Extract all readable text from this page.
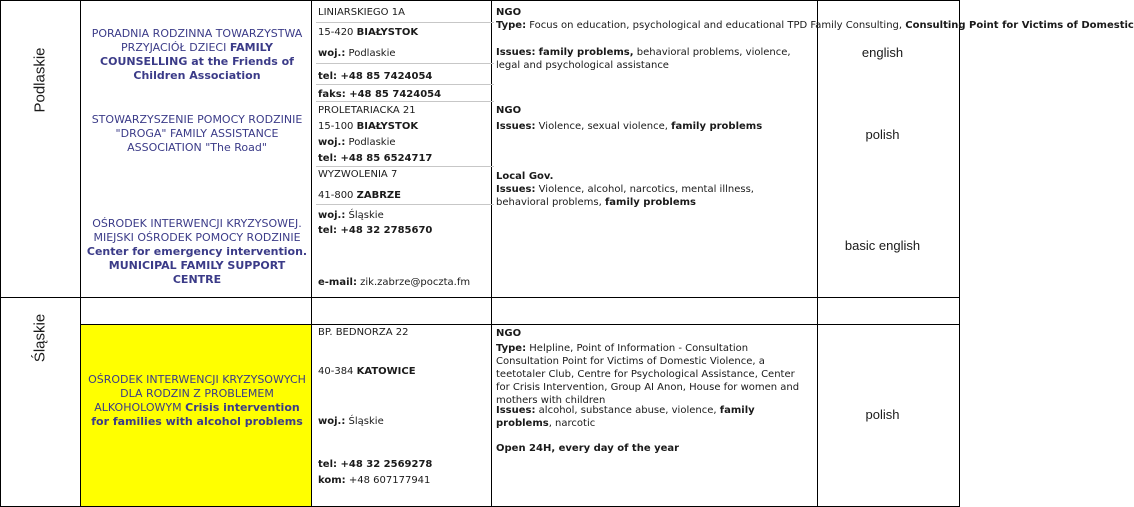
Podlaskie
Śląskie
PORADNIA RODZINNA TOWARZYSTWA PRZYJACIÓŁ DZIECI FAMILY COUNSELLING at the Friends of Children Association
LINIARSKIEGO 1A
15-420 BIAŁYSTOK
woj.: Podlaskie
tel: +48 85 7424054
faks: +48 85 7424054
NGO
Type: Focus on education, psychological and educational TPD Family Consulting, Consulting Point for Victims of Domestic
Issues: family problems, behavioral problems, violence, legal and psychological assistance
english
STOWARZYSZENIE POMOCY RODZINIE "DROGA" FAMILY ASSISTANCE ASSOCIATION "The Road"
PROLETARIACKA 21
15-100 BIAŁYSTOK
woj.: Podlaskie
tel: +48 85 6524717
NGO
Issues: Violence, sexual violence, family problems
polish
OŚRODEK INTERWENCJI KRYZYSOWEJ. MIEJSKI OŚRODEK POMOCY RODZINIE Center for emergency intervention. MUNICIPAL FAMILY SUPPORT CENTRE
WYZWOLENIA 7
41-800 ZABRZE
woj.: Śląskie
tel: +48 32 2785670
e-mail: zik.zabrze@poczta.fm
Local Gov.
Issues: Violence, alcohol, narcotics, mental illness, behavioral problems, family problems
basic english
OŚRODEK INTERWENCJI KRYZYSOWYCH DLA RODZIN Z PROBLEMEM ALKOHOLOWYM Crisis intervention for families with alcohol problems
BP. BEDNORZA 22
40-384 KATOWICE
woj.: Śląskie
tel: +48 32 2569278
kom: +48 607177941
NGO
Type: Helpline, Point of Information - Consultation Consultation Point for Victims of Domestic Violence, a teetotaler Club, Centre for Psychological Assistance, Center for Crisis Intervention, Group AI Anon, House for women and mothers with children
Issues: alcohol, substance abuse, violence, family problems, narcotic
Open 24H, every day of the year
polish
